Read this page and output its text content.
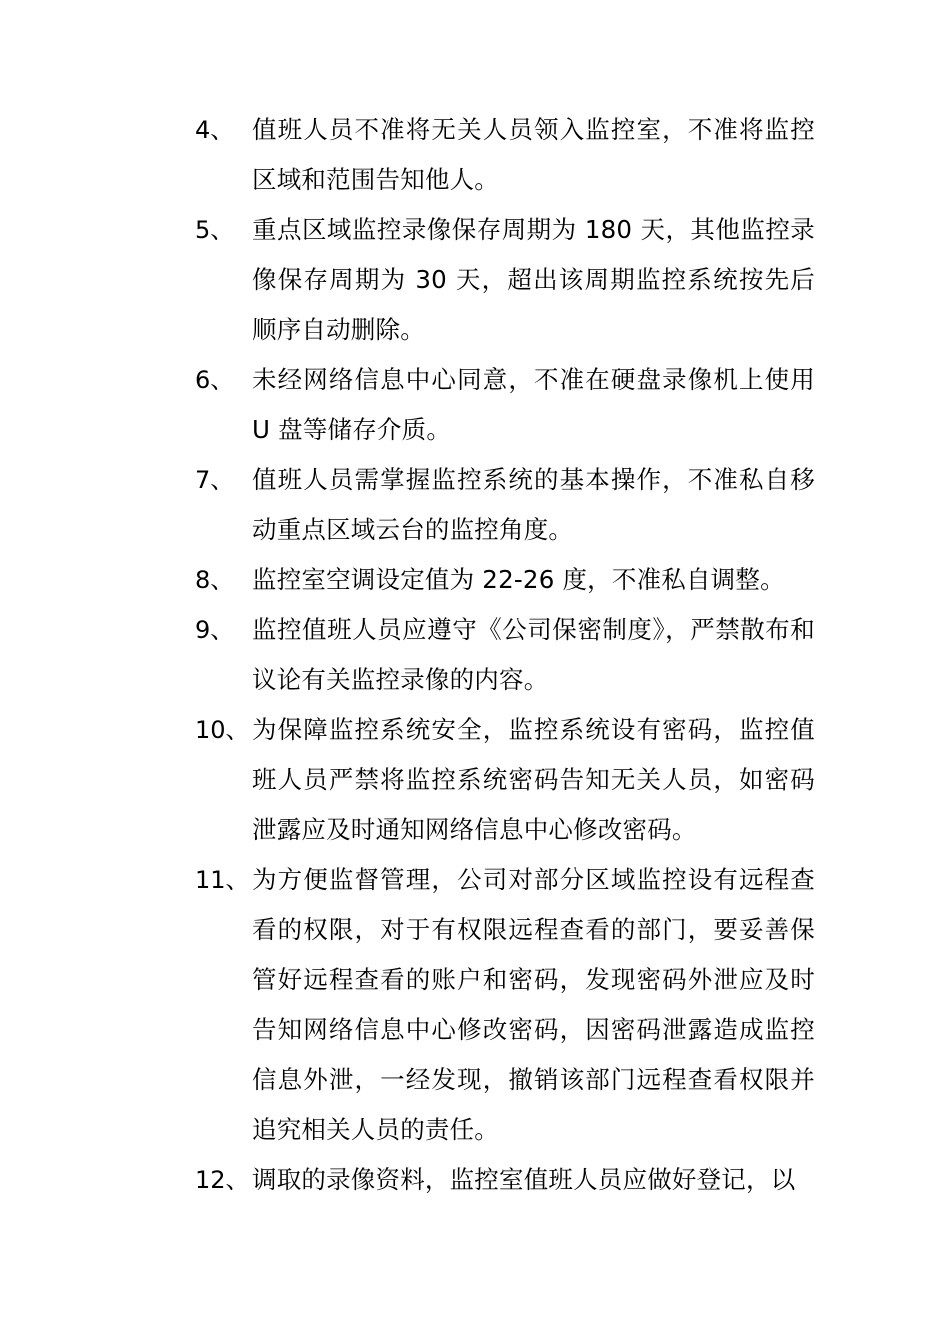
4、 值班人员不准将无关人员领入监控室，不准将监控区域和范围告知他人。
5、 重点区域监控录像保存周期为 180 天，其他监控录像保存周期为 30 天，超出该周期监控系统按先后顺序自动删除。
6、 未经网络信息中心同意，不准在硬盘录像机上使用 U 盘等储存介质。
7、 值班人员需掌握监控系统的基本操作，不准私自移动重点区域云台的监控角度。
8、 监控室空调设定值为 22-26 度，不准私自调整。
9、 监控值班人员应遵守《公司保密制度》，严禁散布和议论有关监控录像的内容。
10、 为保障监控系统安全，监控系统设有密码，监控值班人员严禁将监控系统密码告知无关人员，如密码泄露应及时通知网络信息中心修改密码。
11、 为方便监督管理，公司对部分区域监控设有远程查看的权限，对于有权限远程查看的部门，要妥善保管好远程查看的账户和密码，发现密码外泄应及时告知网络信息中心修改密码，因密码泄露造成监控信息外泄，一经发现，撤销该部门远程查看权限并追究相关人员的责任。
12、 调取的录像资料，监控室值班人员应做好登记，以
